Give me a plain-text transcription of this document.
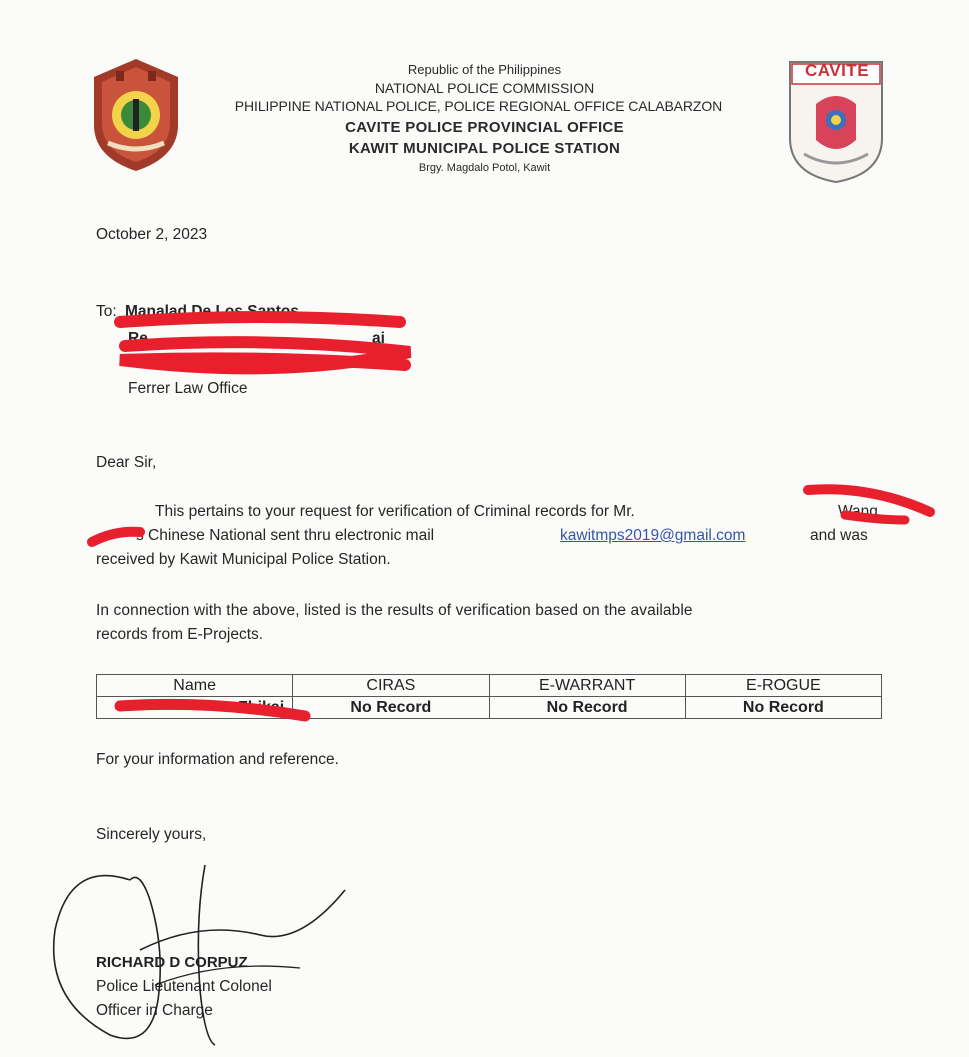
CAVITE
Republic of the Philippines
NATIONAL POLICE COMMISSION
PHILIPPINE NATIONAL POLICE, POLICE REGIONAL OFFICE CALABARZON
CAVITE POLICE PROVINCIAL OFFICE
KAWIT MUNICIPAL POLICE STATION
Brgy. Magdalo Potol, Kawit
October 2, 2023
To: Manalad De Los Santos
Re	ai
nal Liasion
Ferrer Law Office
Dear Sir,
This pertains to your request for verification of Criminal records for Mr.	Wang
s Chinese National sent thru electronic mail	kawitmps2019@gmail.com	and was
received by Kawit Municipal Police Station.
In connection with the above, listed is the results of verification based on the available
records from E-Projects.
Name	CIRAS	E-WARRANT	E-ROGUE
Zhikai	No Record	No Record	No Record
For your information and reference.
Sincerely yours,
RICHARD D CORPUZ
Police Lieutenant Colonel
Officer in Charge
